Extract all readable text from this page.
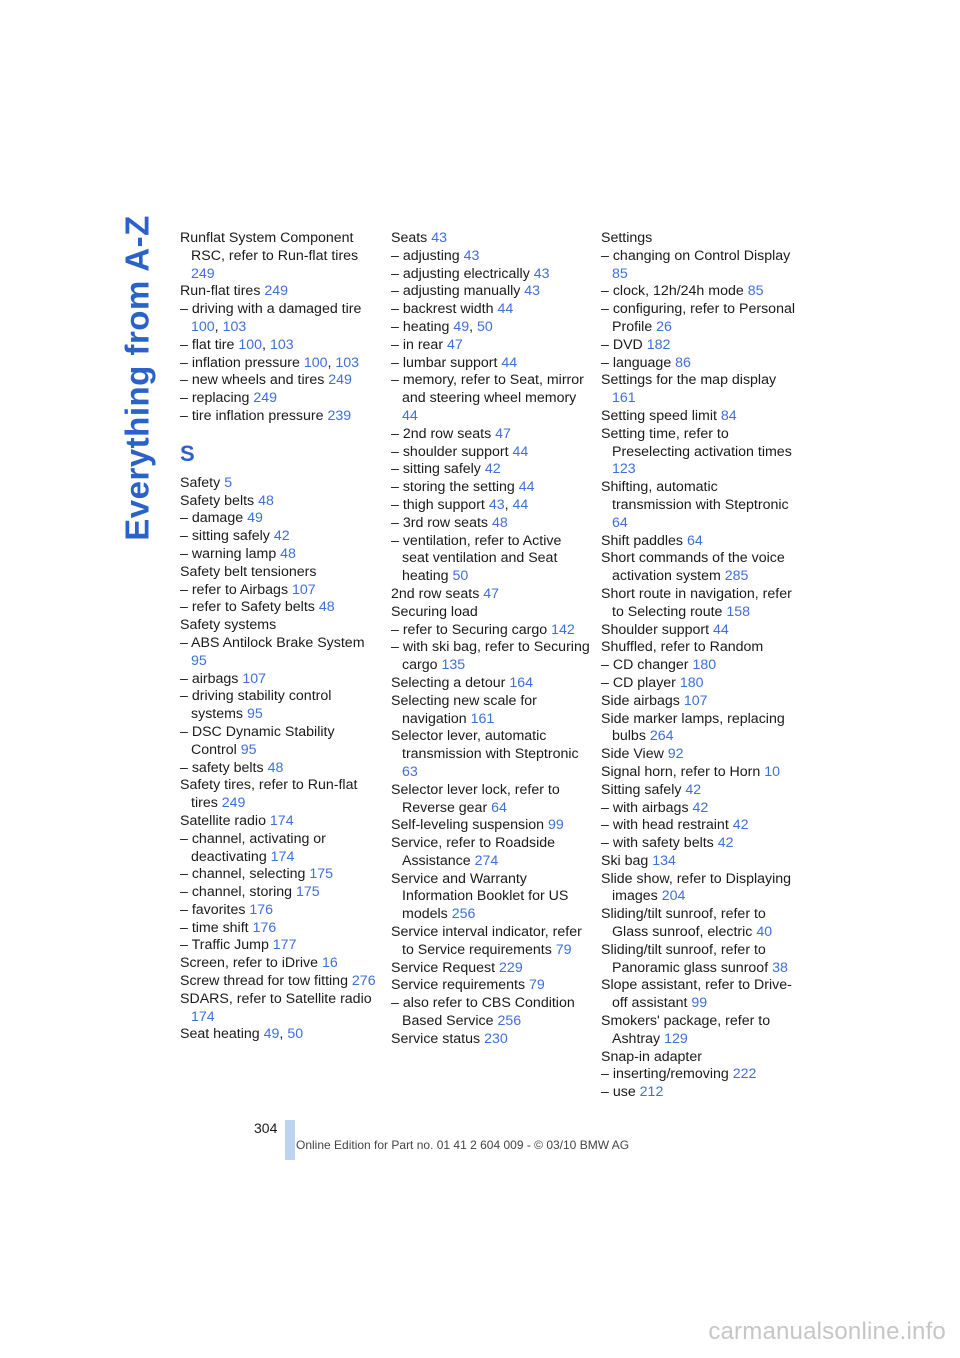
Everything from A-Z Runflat System Component RSC, refer to Run-flat tires 249
Run-flat tires 249
– driving with a damaged tire 100, 103
– flat tire 100, 103
– inflation pressure 100, 103
– new wheels and tires 249
– replacing 249
– tire inflation pressure 239
S
Safety 5
Safety belts 48
– damage 49
– sitting safely 42
– warning lamp 48
Safety belt tensioners
– refer to Airbags 107
– refer to Safety belts 48
Safety systems
– ABS Antilock Brake System 95
– airbags 107
– driving stability control systems 95
– DSC Dynamic Stability Control 95
– safety belts 48
Safety tires, refer to Run-flat tires 249
Satellite radio 174
– channel, activating or deactivating 174
– channel, selecting 175
– channel, storing 175
– favorites 176
– time shift 176
– Traffic Jump 177
Screen, refer to iDrive 16
Screw thread for tow fitting 276
SDARS, refer to Satellite radio 174
Seat heating 49, 50
Seats 43
– adjusting 43
– adjusting electrically 43
– adjusting manually 43
– backrest width 44
– heating 49, 50
– in rear 47
– lumbar support 44
– memory, refer to Seat, mirror and steering wheel memory 44
– 2nd row seats 47
– shoulder support 44
– sitting safely 42
– storing the setting 44
– thigh support 43, 44
– 3rd row seats 48
– ventilation, refer to Active seat ventilation and Seat heating 50
2nd row seats 47
Securing load
– refer to Securing cargo 142
– with ski bag, refer to Securing cargo 135
Selecting a detour 164
Selecting new scale for navigation 161
Selector lever, automatic transmission with Steptronic 63
Selector lever lock, refer to Reverse gear 64
Self-leveling suspension 99
Service, refer to Roadside Assistance 274
Service and Warranty Information Booklet for US models 256
Service interval indicator, refer to Service requirements 79
Service Request 229
Service requirements 79
– also refer to CBS Condition Based Service 256
Service status 230
Settings
– changing on Control Display 85
– clock, 12h/24h mode 85
– configuring, refer to Personal Profile 26
– DVD 182
– language 86
Settings for the map display 161
Setting speed limit 84
Setting time, refer to Preselecting activation times 123
Shifting, automatic transmission with Steptronic 64
Shift paddles 64
Short commands of the voice activation system 285
Short route in navigation, refer to Selecting route 158
Shoulder support 44
Shuffled, refer to Random
– CD changer 180
– CD player 180
Side airbags 107
Side marker lamps, replacing bulbs 264
Side View 92
Signal horn, refer to Horn 10
Sitting safely 42
– with airbags 42
– with head restraint 42
– with safety belts 42
Ski bag 134
Slide show, refer to Displaying images 204
Sliding/tilt sunroof, refer to Glass sunroof, electric 40
Sliding/tilt sunroof, refer to Panoramic glass sunroof 38
Slope assistant, refer to Drive-off assistant 99
Smokers' package, refer to Ashtray 129
Snap-in adapter
– inserting/removing 222
– use 212
304
Online Edition for Part no. 01 41 2 604 009 - © 03/10 BMW AG
carmanualsonline.info
